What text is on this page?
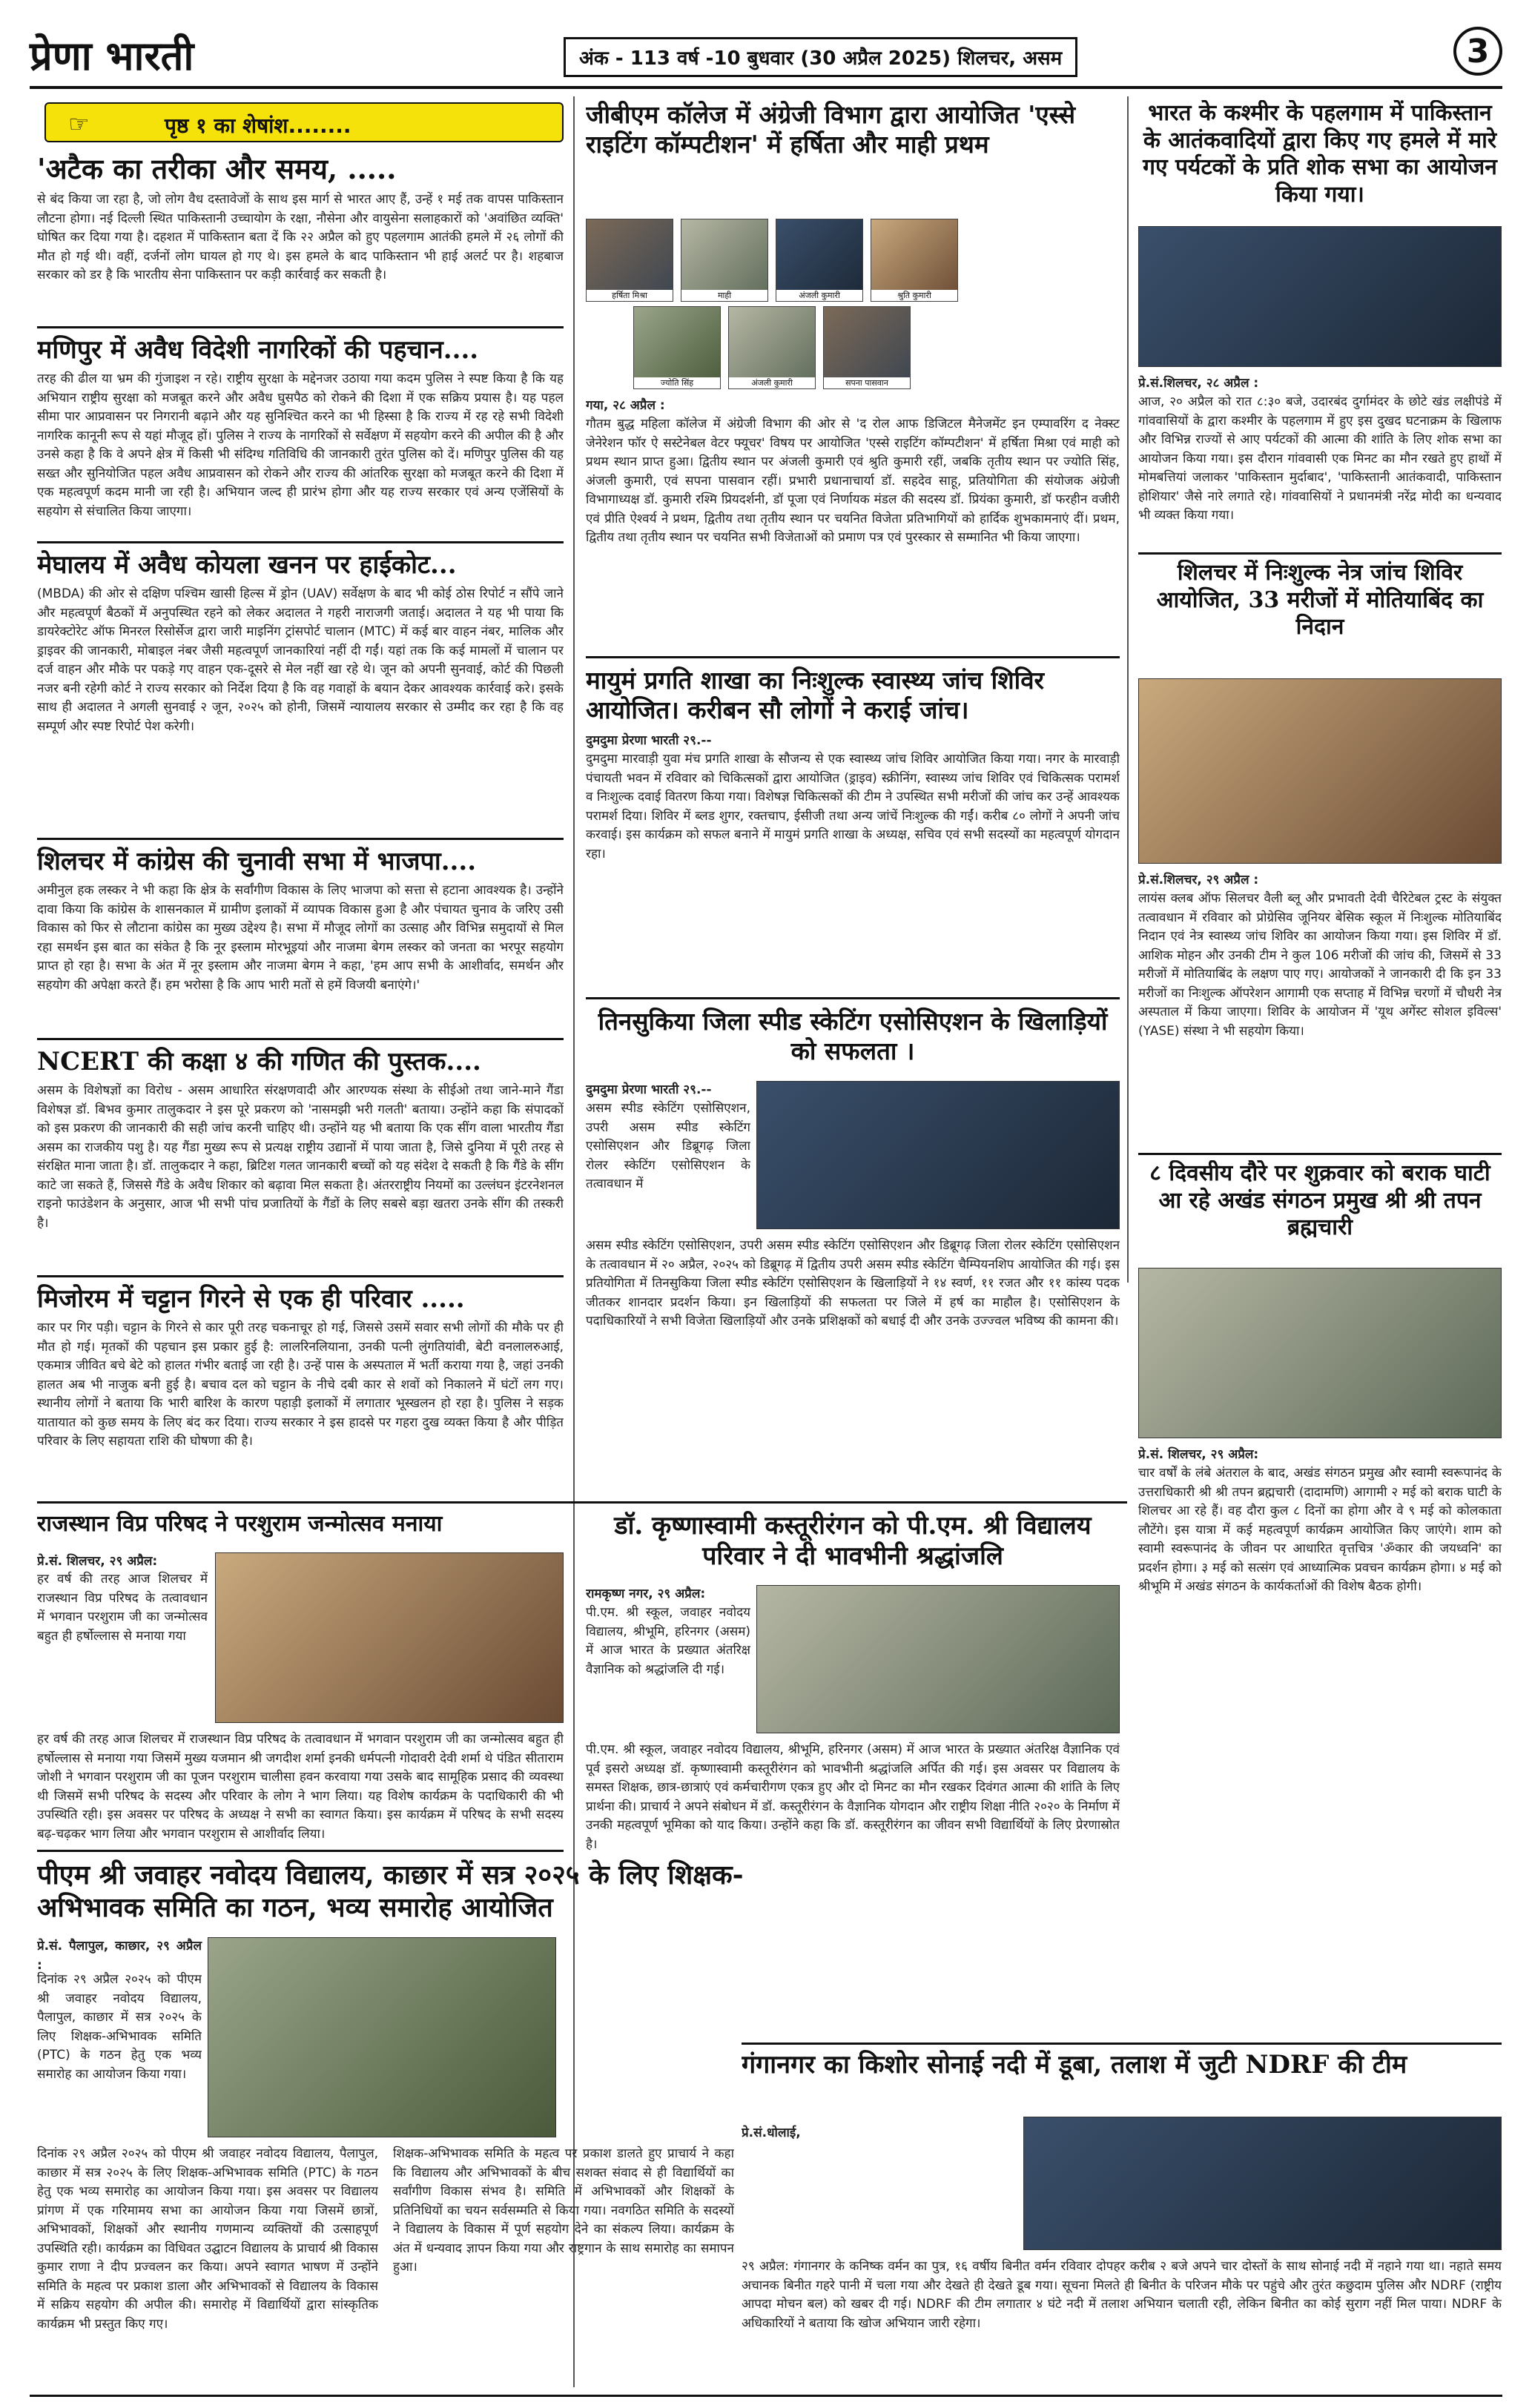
प्रेणा भारती	अंक - 113 वर्ष -10 बुधवार (30 अप्रैल 2025) शिलचर, असम	3
☞	पृष्ठ १ का शेषांश........
'अटैक का तरीका और समय, .....
से बंद किया जा रहा है, जो लोग वैध दस्तावेजों के साथ इस मार्ग से भारत आए हैं, उन्हें १ मई तक वापस पाकिस्तान लौटना होगा। नई दिल्ली स्थित पाकिस्तानी उच्चायोग के रक्षा, नौसेना और वायुसेना सलाहकारों को 'अवांछित व्यक्ति' घोषित कर दिया गया है। दहशत में पाकिस्तान बता दें कि २२ अप्रैल को हुए पहलगाम आतंकी हमले में २६ लोगों की मौत हो गई थी। वहीं, दर्जनों लोग घायल हो गए थे। इस हमले के बाद पाकिस्तान भी हाई अलर्ट पर है। शहबाज सरकार को डर है कि भारतीय सेना पाकिस्तान पर कड़ी कार्रवाई कर सकती है।
मणिपुर में अवैध विदेशी नागरिकों की पहचान....
तरह की ढील या भ्रम की गुंजाइश न रहे। राष्ट्रीय सुरक्षा के मद्देनजर उठाया गया कदम पुलिस ने स्पष्ट किया है कि यह अभियान राष्ट्रीय सुरक्षा को मजबूत करने और अवैध घुसपैठ को रोकने की दिशा में एक सक्रिय प्रयास है। यह पहल सीमा पार आप्रवासन पर निगरानी बढ़ाने और यह सुनिश्चित करने का भी हिस्सा है कि राज्य में रह रहे सभी विदेशी नागरिक कानूनी रूप से यहां मौजूद हों। पुलिस ने राज्य के नागरिकों से सर्वेक्षण में सहयोग करने की अपील की है और उनसे कहा है कि वे अपने क्षेत्र में किसी भी संदिग्ध गतिविधि की जानकारी तुरंत पुलिस को दें। मणिपुर पुलिस की यह सख्त और सुनियोजित पहल अवैध आप्रवासन को रोकने और राज्य की आंतरिक सुरक्षा को मजबूत करने की दिशा में एक महत्वपूर्ण कदम मानी जा रही है। अभियान जल्द ही प्रारंभ होगा और यह राज्य सरकार एवं अन्य एजेंसियों के सहयोग से संचालित किया जाएगा।
मेघालय में अवैध कोयला खनन पर हाईकोट...
(MBDA) की ओर से दक्षिण पश्चिम खासी हिल्स में ड्रोन (UAV) सर्वेक्षण के बाद भी कोई ठोस रिपोर्ट न सौंपे जाने और महत्वपूर्ण बैठकों में अनुपस्थित रहने को लेकर अदालत ने गहरी नाराजगी जताई। अदालत ने यह भी पाया कि डायरेक्टोरेट ऑफ मिनरल रिसोर्सेज द्वारा जारी माइनिंग ट्रांसपोर्ट चालान (MTC) में कई बार वाहन नंबर, मालिक और ड्राइवर की जानकारी, मोबाइल नंबर जैसी महत्वपूर्ण जानकारियां नहीं दी गईं। यहां तक कि कई मामलों में चालान पर दर्ज वाहन और मौके पर पकड़े गए वाहन एक-दूसरे से मेल नहीं खा रहे थे। जून को अपनी सुनवाई, कोर्ट की पिछली नजर बनी रहेगी कोर्ट ने राज्य सरकार को निर्देश दिया है कि वह गवाहों के बयान देकर आवश्यक कार्रवाई करे। इसके साथ ही अदालत ने अगली सुनवाई २ जून, २०२५ को होनी, जिसमें न्यायालय सरकार से उम्मीद कर रहा है कि वह सम्पूर्ण और स्पष्ट रिपोर्ट पेश करेगी।
शिलचर में कांग्रेस की चुनावी सभा में भाजपा....
अमीनुल हक लस्कर ने भी कहा कि क्षेत्र के सर्वांगीण विकास के लिए भाजपा को सत्ता से हटाना आवश्यक है। उन्होंने दावा किया कि कांग्रेस के शासनकाल में ग्रामीण इलाकों में व्यापक विकास हुआ है और पंचायत चुनाव के जरिए उसी विकास को फिर से लौटाना कांग्रेस का मुख्य उद्देश्य है। सभा में मौजूद लोगों का उत्साह और विभिन्न समुदायों से मिल रहा समर्थन इस बात का संकेत है कि नूर इस्लाम मोरभूइयां और नाजमा बेगम लस्कर को जनता का भरपूर सहयोग प्राप्त हो रहा है। सभा के अंत में नूर इस्लाम और नाजमा बेगम ने कहा, 'हम आप सभी के आशीर्वाद, समर्थन और सहयोग की अपेक्षा करते हैं। हम भरोसा है कि आप भारी मतों से हमें विजयी बनाएंगे।'
NCERT की कक्षा ४ की गणित की पुस्तक....
असम के विशेषज्ञों का विरोध - असम आधारित संरक्षणवादी और आरण्यक संस्था के सीईओ तथा जाने-माने गैंडा विशेषज्ञ डॉ. बिभव कुमार तालुकदार ने इस पूरे प्रकरण को 'नासमझी भरी गलती' बताया। उन्होंने कहा कि संपादकों को इस प्रकरण की जानकारी की सही जांच करनी चाहिए थी। उन्होंने यह भी बताया कि एक सींग वाला भारतीय गैंडा असम का राजकीय पशु है। यह गैंडा मुख्य रूप से प्रत्यक्ष राष्ट्रीय उद्यानों में पाया जाता है, जिसे दुनिया में पूरी तरह से संरक्षित माना जाता है। डॉ. तालुकदार ने कहा, ब्रिटिश गलत जानकारी बच्चों को यह संदेश दे सकती है कि गैंडे के सींग काटे जा सकते हैं, जिससे गैंडे के अवैध शिकार को बढ़ावा मिल सकता है। अंतरराष्ट्रीय नियमों का उल्लंघन इंटरनेशनल राइनो फाउंडेशन के अनुसार, आज भी सभी पांच प्रजातियों के गैंडों के लिए सबसे बड़ा खतरा उनके सींग की तस्करी है।
मिजोरम में चट्टान गिरने से एक ही परिवार .....
कार पर गिर पड़ी। चट्टान के गिरने से कार पूरी तरह चकनाचूर हो गई, जिससे उसमें सवार सभी लोगों की मौके पर ही मौत हो गई। मृतकों की पहचान इस प्रकार हुई है: लालरिनलियाना, उनकी पत्नी लुंगतियांवी, बेटी वनलालरुआई, एकमात्र जीवित बचे बेटे को हालत गंभीर बताई जा रही है। उन्हें पास के अस्पताल में भर्ती कराया गया है, जहां उनकी हालत अब भी नाजुक बनी हुई है। बचाव दल को चट्टान के नीचे दबी कार से शवों को निकालने में घंटों लग गए। स्थानीय लोगों ने बताया कि भारी बारिश के कारण पहाड़ी इलाकों में लगातार भूस्खलन हो रहा है। पुलिस ने सड़क यातायात को कुछ समय के लिए बंद कर दिया। राज्य सरकार ने इस हादसे पर गहरा दुख व्यक्त किया है और पीड़ित परिवार के लिए सहायता राशि की घोषणा की है।
राजस्थान विप्र परिषद ने परशुराम जन्मोत्सव मनाया
प्रे.सं. शिलचर, २९ अप्रैल:
हर वर्ष की तरह आज शिलचर में राजस्थान विप्र परिषद के तत्वावधान में भगवान परशुराम जी का जन्मोत्सव बहुत ही हर्षोल्लास से मनाया गया
हर वर्ष की तरह आज शिलचर में राजस्थान विप्र परिषद के तत्वावधान में भगवान परशुराम जी का जन्मोत्सव बहुत ही हर्षोल्लास से मनाया गया जिसमें मुख्य यजमान श्री जगदीश शर्मा इनकी धर्मपत्नी गोदावरी देवी शर्मा थे पंडित सीताराम जोशी ने भगवान परशुराम जी का पूजन परशुराम चालीसा हवन करवाया गया उसके बाद सामूहिक प्रसाद की व्यवस्था थी जिसमें सभी परिषद के सदस्य और परिवार के लोग ने भाग लिया। यह विशेष कार्यक्रम के पदाधिकारी की भी उपस्थिति रही। इस अवसर पर परिषद के अध्यक्ष ने सभी का स्वागत किया। इस कार्यक्रम में परिषद के सभी सदस्य बढ़-चढ़कर भाग लिया और भगवान परशुराम से आशीर्वाद लिया।
पीएम श्री जवाहर नवोदय विद्यालय, काछार में सत्र २०२५ के लिए शिक्षक-अभिभावक समिति का गठन, भव्य समारोह आयोजित
प्रे.सं. पैलापुल, काछार, २९ अप्रैल :
दिनांक २९ अप्रैल २०२५ को पीएम श्री जवाहर नवोदय विद्यालय, पैलापुल, काछार में सत्र २०२५ के लिए शिक्षक-अभिभावक समिति (PTC) के गठन हेतु एक भव्य समारोह का आयोजन किया गया।
दिनांक २९ अप्रैल २०२५ को पीएम श्री जवाहर नवोदय विद्यालय, पैलापुल, काछार में सत्र २०२५ के लिए शिक्षक-अभिभावक समिति (PTC) के गठन हेतु एक भव्य समारोह का आयोजन किया गया। इस अवसर पर विद्यालय प्रांगण में एक गरिमामय सभा का आयोजन किया गया जिसमें छात्रों, अभिभावकों, शिक्षकों और स्थानीय गणमान्य व्यक्तियों की उत्साहपूर्ण उपस्थिति रही। कार्यक्रम का विधिवत उद्घाटन विद्यालय के प्राचार्य श्री विकास कुमार राणा ने दीप प्रज्वलन कर किया। अपने स्वागत भाषण में उन्होंने समिति के महत्व पर प्रकाश डाला और अभिभावकों से विद्यालय के विकास में सक्रिय सहयोग की अपील की। समारोह में विद्यार्थियों द्वारा सांस्कृतिक कार्यक्रम भी प्रस्तुत किए गए।
शिक्षक-अभिभावक समिति के महत्व पर प्रकाश डालते हुए प्राचार्य ने कहा कि विद्यालय और अभिभावकों के बीच सशक्त संवाद से ही विद्यार्थियों का सर्वांगीण विकास संभव है। समिति में अभिभावकों और शिक्षकों के प्रतिनिधियों का चयन सर्वसम्मति से किया गया। नवगठित समिति के सदस्यों ने विद्यालय के विकास में पूर्ण सहयोग देने का संकल्प लिया। कार्यक्रम के अंत में धन्यवाद ज्ञापन किया गया और राष्ट्रगान के साथ समारोह का समापन हुआ।
जीबीएम कॉलेज में अंग्रेजी विभाग द्वारा आयोजित 'एस्से राइटिंग कॉम्पटीशन' में हर्षिता और माही प्रथम
हर्षिता मिश्रा	माही	अंजली कुमारी	श्रुति कुमारी
ज्योति सिंह	अंजली कुमारी	सपना पासवान
गया, २८ अप्रैल :
गौतम बुद्ध महिला कॉलेज में अंग्रेजी विभाग की ओर से 'द रोल आफ डिजिटल मैनेजमेंट इन एम्पावरिंग द नेक्स्ट जेनेरेशन फॉर ऐ सस्टेनेबल वेटर फ्यूचर' विषय पर आयोजित 'एस्से राइटिंग कॉम्पटीशन' में हर्षिता मिश्रा एवं माही को प्रथम स्थान प्राप्त हुआ। द्वितीय स्थान पर अंजली कुमारी एवं श्रुति कुमारी रहीं, जबकि तृतीय स्थान पर ज्योति सिंह, अंजली कुमारी, एवं सपना पासवान रहीं। प्रभारी प्रधानाचार्या डॉ. सहदेव साहू, प्रतियोगिता की संयोजक अंग्रेजी विभागाध्यक्ष डॉ. कुमारी रश्मि प्रियदर्शनी, डॉ पूजा एवं निर्णायक मंडल की सदस्य डॉ. प्रियंका कुमारी, डॉ फरहीन वजीरी एवं प्रीति ऐश्वर्य ने प्रथम, द्वितीय तथा तृतीय स्थान पर चयनित विजेता प्रतिभागियों को हार्दिक शुभकामनाएं दीं। प्रथम, द्वितीय तथा तृतीय स्थान पर चयनित सभी विजेताओं को प्रमाण पत्र एवं पुरस्कार से सम्मानित भी किया जाएगा।
मायुमं प्रगति शाखा का निःशुल्क स्वास्थ्य जांच शिविर आयोजित। करीबन सौ लोगों ने कराई जांच।
दुमदुमा प्रेरणा भारती २९.--
दुमदुमा मारवाड़ी युवा मंच प्रगति शाखा के सौजन्य से एक स्वास्थ्य जांच शिविर आयोजित किया गया। नगर के मारवाड़ी पंचायती भवन में रविवार को चिकित्सकों द्वारा आयोजित (ड्राइव) स्क्रीनिंग, स्वास्थ्य जांच शिविर एवं चिकित्सक परामर्श व निःशुल्क दवाई वितरण किया गया। विशेषज्ञ चिकित्सकों की टीम ने उपस्थित सभी मरीजों की जांच कर उन्हें आवश्यक परामर्श दिया। शिविर में ब्लड शुगर, रक्तचाप, ईसीजी तथा अन्य जांचें निःशुल्क की गईं। करीब ८० लोगों ने अपनी जांच करवाई। इस कार्यक्रम को सफल बनाने में मायुमं प्रगति शाखा के अध्यक्ष, सचिव एवं सभी सदस्यों का महत्वपूर्ण योगदान रहा।
तिनसुकिया जिला स्पीड स्केटिंग एसोसिएशन के खिलाड़ियों को सफलता ।
दुमदुमा प्रेरणा भारती २९.--
असम स्पीड स्केटिंग एसोसिएशन, उपरी असम स्पीड स्केटिंग एसोसिएशन और डिब्रूगढ़ जिला रोलर स्केटिंग एसोसिएशन के तत्वावधान में
असम स्पीड स्केटिंग एसोसिएशन, उपरी असम स्पीड स्केटिंग एसोसिएशन और डिब्रूगढ़ जिला रोलर स्केटिंग एसोसिएशन के तत्वावधान में २० अप्रैल, २०२५ को डिब्रूगढ़ में द्वितीय उपरी असम स्पीड स्केटिंग चैम्पियनशिप आयोजित की गई। इस प्रतियोगिता में तिनसुकिया जिला स्पीड स्केटिंग एसोसिएशन के खिलाड़ियों ने १४ स्वर्ण, ११ रजत और ११ कांस्य पदक जीतकर शानदार प्रदर्शन किया। इन खिलाड़ियों की सफलता पर जिले में हर्ष का माहौल है। एसोसिएशन के पदाधिकारियों ने सभी विजेता खिलाड़ियों और उनके प्रशिक्षकों को बधाई दी और उनके उज्ज्वल भविष्य की कामना की।
डॉ. कृष्णास्वामी कस्तूरीरंगन को पी.एम. श्री विद्यालय परिवार ने दी भावभीनी श्रद्धांजलि
रामकृष्ण नगर, २९ अप्रैल:
पी.एम. श्री स्कूल, जवाहर नवोदय विद्यालय, श्रीभूमि, हरिनगर (असम) में आज भारत के प्रख्यात अंतरिक्ष वैज्ञानिक को श्रद्धांजलि दी गई।
पी.एम. श्री स्कूल, जवाहर नवोदय विद्यालय, श्रीभूमि, हरिनगर (असम) में आज भारत के प्रख्यात अंतरिक्ष वैज्ञानिक एवं पूर्व इसरो अध्यक्ष डॉ. कृष्णास्वामी कस्तूरीरंगन को भावभीनी श्रद्धांजलि अर्पित की गई। इस अवसर पर विद्यालय के समस्त शिक्षक, छात्र-छात्राएं एवं कर्मचारीगण एकत्र हुए और दो मिनट का मौन रखकर दिवंगत आत्मा की शांति के लिए प्रार्थना की। प्राचार्य ने अपने संबोधन में डॉ. कस्तूरीरंगन के वैज्ञानिक योगदान और राष्ट्रीय शिक्षा नीति २०२० के निर्माण में उनकी महत्वपूर्ण भूमिका को याद किया। उन्होंने कहा कि डॉ. कस्तूरीरंगन का जीवन सभी विद्यार्थियों के लिए प्रेरणास्रोत है।
गंगानगर का किशोर सोनाई नदी में डूबा, तलाश में जुटी NDRF की टीम
प्रे.सं.धोलाई,
२९ अप्रैल: गंगानगर के कनिष्क वर्मन का पुत्र, १६ वर्षीय बिनीत वर्मन रविवार दोपहर करीब २ बजे अपने चार दोस्तों के साथ सोनाई नदी में नहाने गया था। नहाते समय अचानक बिनीत गहरे पानी में चला गया और देखते ही देखते डूब गया। सूचना मिलते ही बिनीत के परिजन मौके पर पहुंचे और तुरंत कछुदाम पुलिस और NDRF (राष्ट्रीय आपदा मोचन बल) को खबर दी गई। NDRF की टीम लगातार ४ घंटे नदी में तलाश अभियान चलाती रही, लेकिन बिनीत का कोई सुराग नहीं मिल पाया। NDRF के अधिकारियों ने बताया कि खोज अभियान जारी रहेगा।
भारत के कश्मीर के पहलगाम में पाकिस्तान के आतंकवादियों द्वारा किए गए हमले में मारे गए पर्यटकों के प्रति शोक सभा का आयोजन किया गया।
प्रे.सं.शिलचर, २८ अप्रैल :
आज, २० अप्रैल को रात ८:३० बजे, उदारबंद दुर्गामंदर के छोटे खंड लक्षीपंडे में गांववासियों के द्वारा कश्मीर के पहलगाम में हुए इस दुखद घटनाक्रम के खिलाफ और विभिन्न राज्यों से आए पर्यटकों की आत्मा की शांति के लिए शोक सभा का आयोजन किया गया। इस दौरान गांववासी एक मिनट का मौन रखते हुए हाथों में मोमबत्तियां जलाकर 'पाकिस्तान मुर्दाबाद', 'पाकिस्तानी आतंकवादी, पाकिस्तान होशियार' जैसे नारे लगाते रहे। गांववासियों ने प्रधानमंत्री नरेंद्र मोदी का धन्यवाद भी व्यक्त किया गया।
शिलचर में निःशुल्क नेत्र जांच शिविर आयोजित, 33 मरीजों में मोतियाबिंद का निदान
प्रे.सं.शिलचर, २९ अप्रैल :
लायंस क्लब ऑफ सिलचर वैली ब्लू और प्रभावती देवी चैरिटेबल ट्रस्ट के संयुक्त तत्वावधान में रविवार को प्रोग्रेसिव जूनियर बेसिक स्कूल में निःशुल्क मोतियाबिंद निदान एवं नेत्र स्वास्थ्य जांच शिविर का आयोजन किया गया। इस शिविर में डॉ. आशिक मोहन और उनकी टीम ने कुल 106 मरीजों की जांच की, जिसमें से 33 मरीजों में मोतियाबिंद के लक्षण पाए गए। आयोजकों ने जानकारी दी कि इन 33 मरीजों का निःशुल्क ऑपरेशन आगामी एक सप्ताह में विभिन्न चरणों में चौधरी नेत्र अस्पताल में किया जाएगा। शिविर के आयोजन में 'यूथ अगेंस्ट सोशल इविल्स' (YASE) संस्था ने भी सहयोग किया।
८ दिवसीय दौरे पर शुक्रवार को बराक घाटी आ रहे अखंड संगठन प्रमुख श्री श्री तपन ब्रह्मचारी
प्रे.सं. शिलचर, २९ अप्रैल:
चार वर्षों के लंबे अंतराल के बाद, अखंड संगठन प्रमुख और स्वामी स्वरूपानंद के उत्तराधिकारी श्री श्री तपन ब्रह्मचारी (दादामणि) आगामी २ मई को बराक घाटी के शिलचर आ रहे हैं। वह दौरा कुल ८ दिनों का होगा और वे ९ मई को कोलकाता लौटेंगे। इस यात्रा में कई महत्वपूर्ण कार्यक्रम आयोजित किए जाएंगे। शाम को स्वामी स्वरूपानंद के जीवन पर आधारित वृत्तचित्र 'ॐकार की जयध्वनि' का प्रदर्शन होगा। ३ मई को सत्संग एवं आध्यात्मिक प्रवचन कार्यक्रम होगा। ४ मई को श्रीभूमि में अखंड संगठन के कार्यकर्ताओं की विशेष बैठक होगी।
